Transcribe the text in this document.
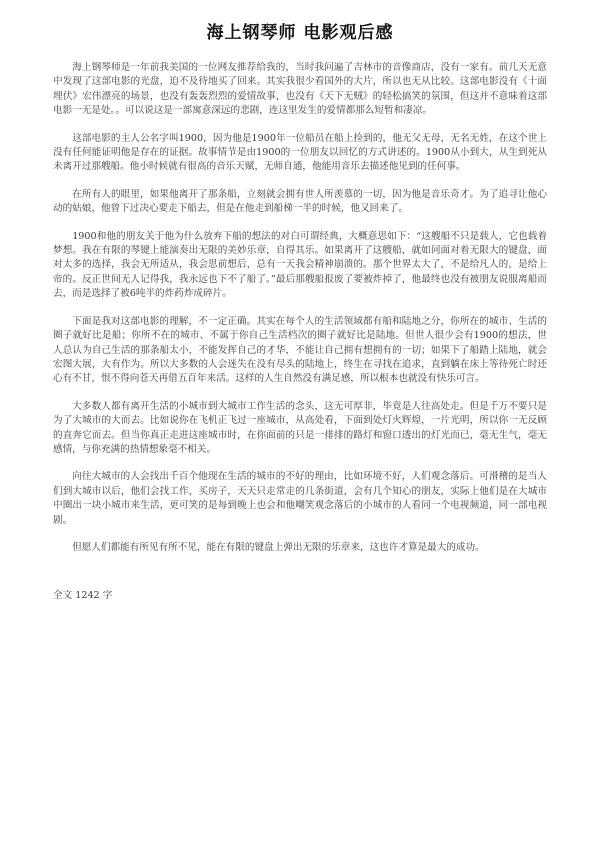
海上钢琴师 电影观后感
海上钢琴师是一年前我美国的一位网友推荐给我的，当时我问遍了吉林市的音像商店，没有一家有。前几天无意中发现了这部电影的光盘，迫不及待地买了回来。其实我很少看国外的大片，所以也无从比较。这部电影没有《十面埋伏》宏伟漂亮的场景，也没有轰轰烈烈的爱情故事，也没有《天下无贼》的轻松搞笑的氛围，但这并不意味着这部电影一无是处。。可以说这是一部寓意深远的悲剧，连这里发生的爱情都那么短暂和凄凉。
这部电影的主人公名字叫1900，因为他是1900年一位船员在船上捡到的，他无父无母，无名无姓，在这个世上没有任何能证明他是存在的证据。故事情节是由1900的一位朋友以回忆的方式讲述的。1900从小到大，从生到死从未离开过那艘船。他小时候就有很高的音乐天赋，无师自通，他能用音乐去描述他见到的任何事。
在所有人的眼里，如果他离开了那条船，立刻就会拥有世人所羡慕的一切，因为他是音乐奇才。为了追寻让他心动的姑娘，他曾下过决心要走下船去，但是在他走到船梯一半的时候，他又回来了。
1900和他的朋友关于他为什么放弃下船的想法的对白可谓经典，大概意思如下：“这艘船不只是载人，它也载着梦想。我在有限的琴键上能演奏出无限的美妙乐章，自得其乐。如果离开了这艘船，就如同面对着无限大的键盘，面对太多的选择，我会无所适从，我会思前想后，总有一天我会精神崩溃的。那个世界太大了，不是给凡人的，是给上帝的。反正世间无人记得我，我永远也下不了船了。”最后那艘船报废了要被炸掉了，他最终也没有被朋友说服离船而去，而是选择了被6吨半的炸药炸成碎片。
下面是我对这部电影的理解，不一定正确。其实在每个人的生活领域都有船和陆地之分，你所在的城市、生活的圈子就好比是船；你所不在的城市、不属于你自己生活档次的圈子就好比是陆地。但世人很少会有1900的想法，世人总认为自己生活的那条船太小，不能发挥自己的才华，不能让自己拥有想拥有的一切；如果下了船踏上陆地，就会宏图大展，大有作为。所以大多数的人会迷失在没有尽头的陆地上，终生在寻找在追求，直到躺在床上等待死亡时还心有不甘，恨不得向苍天再借五百年来活。这样的人生自然没有满足感，所以根本也就没有快乐可言。
大多数人都有离开生活的小城市到大城市工作生活的念头，这无可厚非，毕竟是人往高处走。但是千万不要只是为了大城市的大而去。比如说你在飞机正飞过一座城市，从高处看，下面到处灯火辉煌，一片光明，所以你一无反顾的直奔它而去。但当你真正走进这座城市时，在你面前的只是一排排的路灯和窗口透出的灯光而已，毫无生气，毫无感情，与你充满的热情想象毫不相关。
向往大城市的人会找出千百个他现在生活的城市的不好的理由，比如环境不好，人们观念落后。可滑稽的是当人们到大城市以后，他们会找工作，买房子，天天只走常走的几条街道，会有几个知心的朋友，实际上他们是在大城市中圈出一块小城市来生活，更可笑的是每到晚上也会和他嘲笑观念落后的小城市的人看同一个电视频道，同一部电视剧。
但愿人们都能有所见有所不见，能在有限的键盘上弹出无限的乐章来，这也许才算是最大的成功。
全文 1242 字
